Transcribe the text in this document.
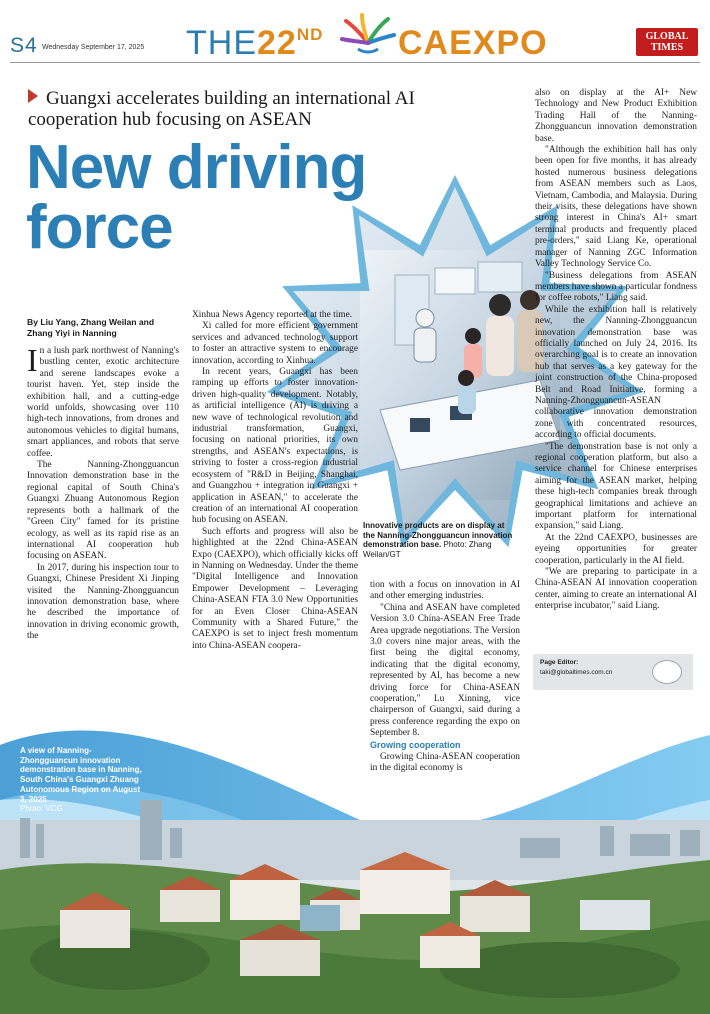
S4 Wednesday September 17, 2025 THE22ND CAEXPO	GLOBAL
TIMES
Guangxi accelerates building an international AI cooperation hub focusing on ASEAN
New driving
force
By Liu Yang, Zhang Weilan and Zhang Yiyi in Nanning

In a lush park northwest of Nanning's bustling center, exotic architecture and serene landscapes evoke a tourist haven. Yet, step inside the exhibition hall, and a cutting-edge world unfolds, showcasing over 110 high-tech innovations, from drones and autonomous vehicles to digital humans, smart appliances, and robots that serve coffee.

The Nanning-Zhongguancun Innovation demonstration base in the regional capital of South China's Guangxi Zhuang Autonomous Region represents both a hallmark of the "Green City" famed for its pristine ecology, as well as its rapid rise as an international AI cooperation hub focusing on ASEAN.

In 2017, during his inspection tour to Guangxi, Chinese President Xi Jinping visited the Nanning-Zhongguancun innovation demonstration base, where he described the importance of innovation in driving economic growth, the

Xinhua News Agency reported at the time.

Xi called for more efficient government services and advanced technology support to foster an attractive system to encourage innovation, according to Xinhua.

In recent years, Guangxi has been ramping up efforts to foster innovation-driven high-quality development. Notably, as artificial intelligence (AI) is driving a new wave of technological revolution and industrial transformation, Guangxi, focusing on national priorities, its own strengths, and ASEAN's expectations, is striving to foster a cross-region industrial ecosystem of "R&D in Beijing, Shanghai, and Guangzhou + integration in Guangxi + application in ASEAN," to accelerate the creation of an international AI cooperation hub focusing on ASEAN.

Such efforts and progress will also be highlighted at the 22nd China-ASEAN Expo (CAEXPO), which officially kicks off in Nanning on Wednesday. Under the theme "Digital Intelligence and Innovation Empower Development – Leveraging China-ASEAN FTA 3.0 New Opportunities for an Even Closer China-ASEAN Community with a Shared Future," the CAEXPO is set to inject fresh momentum into China-ASEAN coopera-

Innovative products are on display at the Nanning-Zhongguancun innovation demonstration base. Photo: Zhang Weilan/GT

tion with a focus on innovation in AI and other emerging industries.

"China and ASEAN have completed Version 3.0 China-ASEAN Free Trade Area upgrade negotiations. The Version 3.0 covers nine major areas, with the first being the digital economy, indicating that the digital economy, represented by AI, has become a new driving force for China-ASEAN cooperation," Lu Xinning, vice chairperson of Guangxi, said during a press conference regarding the expo on September 8.

Growing cooperation

Growing China-ASEAN cooperation in the digital economy is

also on display at the AI+ New Technology and New Product Exhibition Trading Hall of the Nanning-Zhongguancun innovation demonstration base.

"Although the exhibition hall has only been open for five months, it has already hosted numerous business delegations from ASEAN members such as Laos, Vietnam, Cambodia, and Malaysia. During their visits, these delegations have shown strong interest in China's AI+ smart terminal products and frequently placed pre-orders," said Liang Ke, operational manager of Nanning ZGC Information Valley Technology Service Co.

"Business delegations from ASEAN members have shown a particular fondness for coffee robots," Liang said.

While the exhibition hall is relatively new, the Nanning-Zhongguancun innovation demonstration base was officially launched on July 24, 2016. Its overarching goal is to create an innovation hub that serves as a key gateway for the joint construction of the China-proposed Belt and Road Initiative, forming a Nanning-Zhongguancun-ASEAN collaborative innovation demonstration zone with concentrated resources, according to official documents.

"The demonstration base is not only a regional cooperation platform, but also a service channel for Chinese enterprises aiming for the ASEAN market, helping these high-tech companies break through geographical limitations and achieve an important platform for international expansion," said Liang.

At the 22nd CAEXPO, businesses are eyeing opportunities for greater cooperation, particularly in the AI field.

"We are preparing to participate in a China-ASEAN AI innovation cooperation center, aiming to create an international AI enterprise incubator," said Liang.

Page Editor:
taki@globaltimes.com.cn
A view of Nanning-Zhongguancun innovation demonstration base in Nanning, South China's Guangxi Zhuang Autonomous Region on August 3, 2025
Photo: VCG
